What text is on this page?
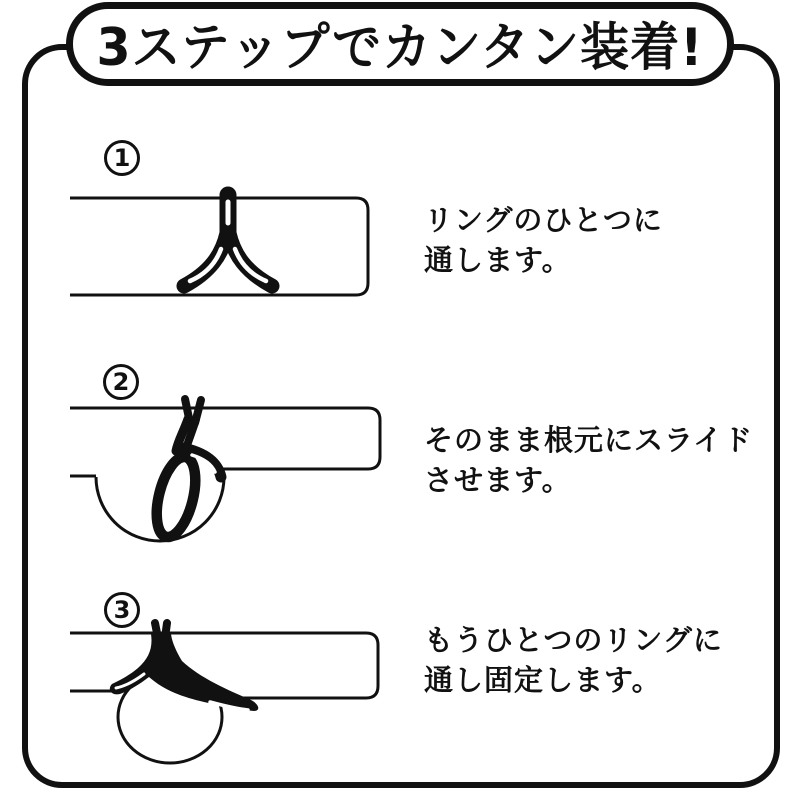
3ステップでカンタン装着!
1
リングのひとつに
通します。
2
そのまま根元にスライド
させます。
3
もうひとつのリングに
通し固定します。
